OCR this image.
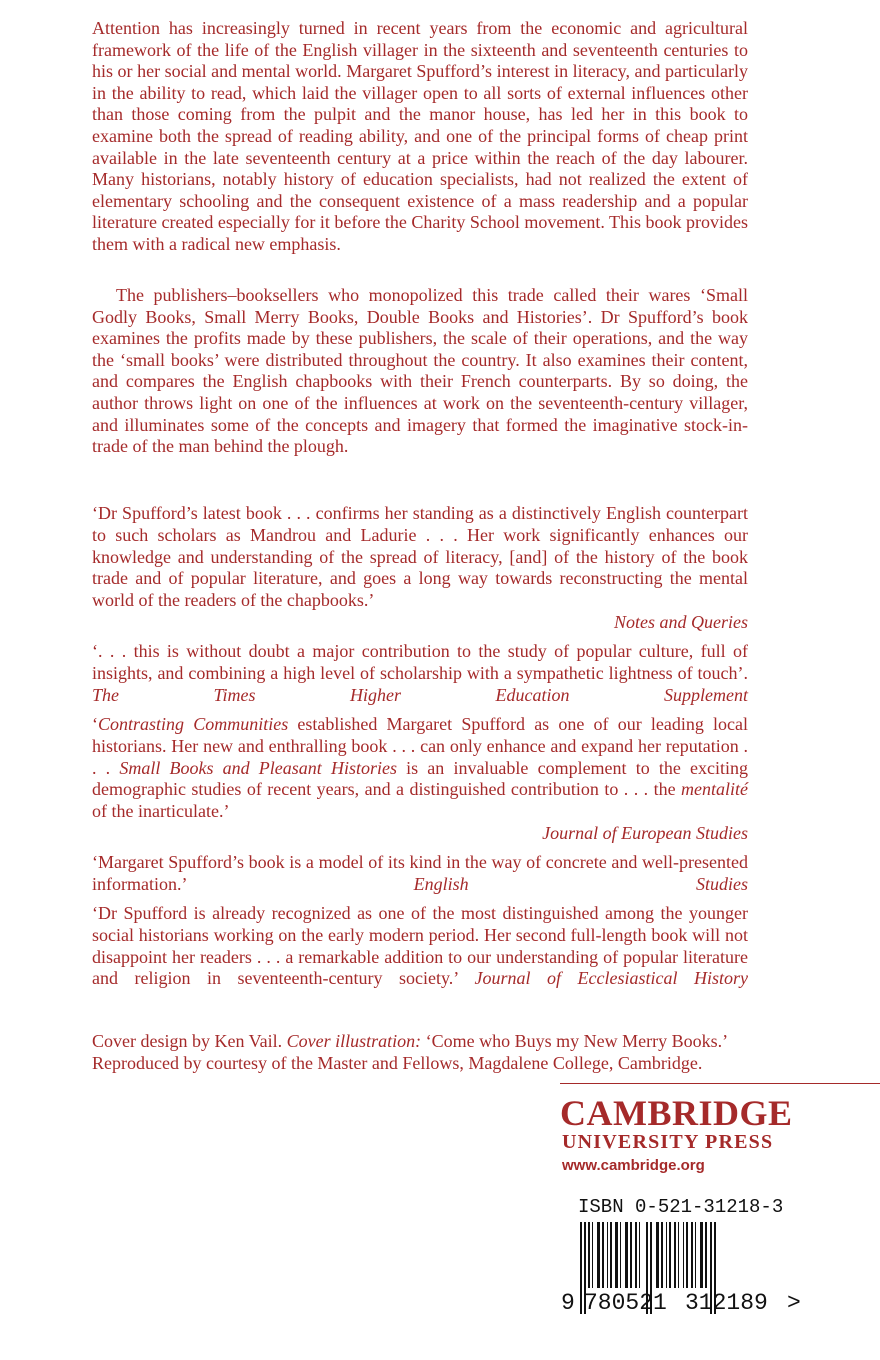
Attention has increasingly turned in recent years from the economic and agricultural framework of the life of the English villager in the sixteenth and seventeenth centuries to his or her social and mental world. Margaret Spufford’s interest in literacy, and particularly in the ability to read, which laid the villager open to all sorts of external influences other than those coming from the pulpit and the manor house, has led her in this book to examine both the spread of reading ability, and one of the principal forms of cheap print available in the late seventeenth century at a price within the reach of the day labourer. Many historians, notably history of education specialists, had not realized the extent of elementary schooling and the consequent existence of a mass readership and a popular literature created especially for it before the Charity School movement. This book provides them with a radical new emphasis.

The publishers–booksellers who monopolized this trade called their wares ‘Small Godly Books, Small Merry Books, Double Books and Histories’. Dr Spufford’s book examines the profits made by these publishers, the scale of their operations, and the way the ‘small books’ were distributed throughout the country. It also examines their content, and compares the English chapbooks with their French counterparts. By so doing, the author throws light on one of the influences at work on the seventeenth-century villager, and illuminates some of the concepts and imagery that formed the imaginative stock-in-trade of the man behind the plough.

‘Dr Spufford’s latest book . . . confirms her standing as a distinctively English counterpart to such scholars as Mandrou and Ladurie . . . Her work significantly enhances our knowledge and understanding of the spread of literacy, [and] of the history of the book trade and of popular literature, and goes a long way towards reconstructing the mental world of the readers of the chapbooks.’
Notes and Queries
‘. . . this is without doubt a major contribution to the study of popular culture, full of insights, and combining a high level of scholarship with a sympathetic lightness of touch’. The Times Higher Education Supplement
‘Contrasting Communities established Margaret Spufford as one of our leading local historians. Her new and enthralling book . . . can only enhance and expand her reputation . . . Small Books and Pleasant Histories is an invaluable complement to the exciting demographic studies of recent years, and a distinguished contribution to . . . the mentalité of the inarticulate.’
Journal of European Studies
‘Margaret Spufford’s book is a model of its kind in the way of concrete and well-presented information.’	English Studies
‘Dr Spufford is already recognized as one of the most distinguished among the younger social historians working on the early modern period. Her second full-length book will not disappoint her readers . . . a remarkable addition to our understanding of popular literature and religion in seventeenth-century society.’ Journal of Ecclesiastical History

Cover design by Ken Vail. Cover illustration: ‘Come who Buys my New Merry Books.’ Reproduced by courtesy of the Master and Fellows, Magdalene College, Cambridge.

CAMBRIDGE
UNIVERSITY PRESS
www.cambridge.org
ISBN 0-521-31218-3
9 780521 312189 >
